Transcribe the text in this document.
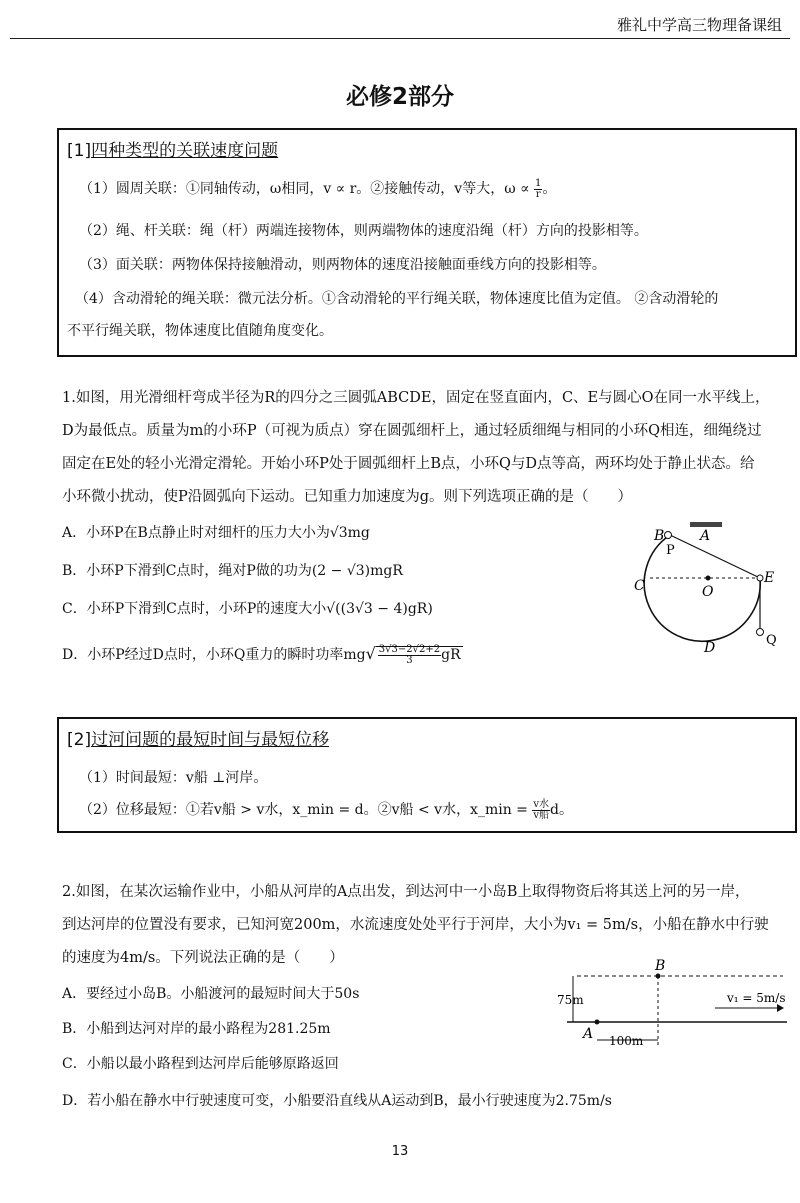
雅礼中学高三物理备课组
必修2部分
[1]四种类型的关联速度问题
（1）圆周关联：①同轴传动，ω相同，v ∝ r。②接触传动，v等大，$\omega \propto \frac{1}{r}$ 。
（2）绳、杆关联：绳（杆）两端连接物体，则两端物体的速度沿绳（杆）方向的投影相等。
（3）面关联：两物体保持接触滑动，则两物体的速度沿接触面垂线方向的投影相等。
（4）含动滑轮的绳关联：微元法分析。①含动滑轮的平行绳关联，物体速度比值为定值。 ②含动滑轮的
不平行绳关联，物体速度比值随角度变化。
1.如图，用光滑细杆弯成半径为R的四分之三圆弧ABCDE，固定在竖直面内，C、E与圆心O在同一水平线上，
D为最低点。质量为m的小环P（可视为质点）穿在圆弧细杆上，通过轻质细绳与相同的小环Q相连，细绳绕过
固定在E处的轻小光滑定滑轮。开始小环P处于圆弧细杆上B点，小环Q与D点等高，两环均处于静止状态。给
小环微小扰动，使P沿圆弧向下运动。已知重力加速度为g。则下列选项正确的是（　　）
A．小环P在B点静止时对细杆的压力大小为√3mg
B．小环P下滑到C点时，绳对P做的功为(2 − √3)mgR
C．小环P下滑到C点时，小环P的速度大小√((3√3 − 4)gR)
D．小环P经过D点时，小环Q重力的瞬时功率$mg√ \frac{3√3-2√2+2}{3}$ gR
B	A
P
C	O
E
D	Q
[2]过河问题的最短时间与最短位移
（1）时间最短：v船 ⊥河岸。
（2）位移最短：①若v船 > v水，x_min = d。②v船 < v水，x_min = $\frac{\text{v水}}{\text{v船}}$ d。
2.如图，在某次运输作业中，小船从河岸的A点出发，到达河中一小岛B上取得物资后将其送上河的另一岸，
到达河岸的位置没有要求，已知河宽200m，水流速度处处平行于河岸，大小为v₁ = 5m/s，小船在静水中行驶
的速度为4m/s。下列说法正确的是（　　）
A．要经过小岛B。小船渡河的最短时间大于50s
B．小船到达河对岸的最小路程为281.25m
C．小船以最小路程到达河岸后能够原路返回
D．若小船在静水中行驶速度可变，小船要沿直线从A运动到B，最小行驶速度为2.75m/s
B
A
75m
100m
v₁ = 5m/s
13
